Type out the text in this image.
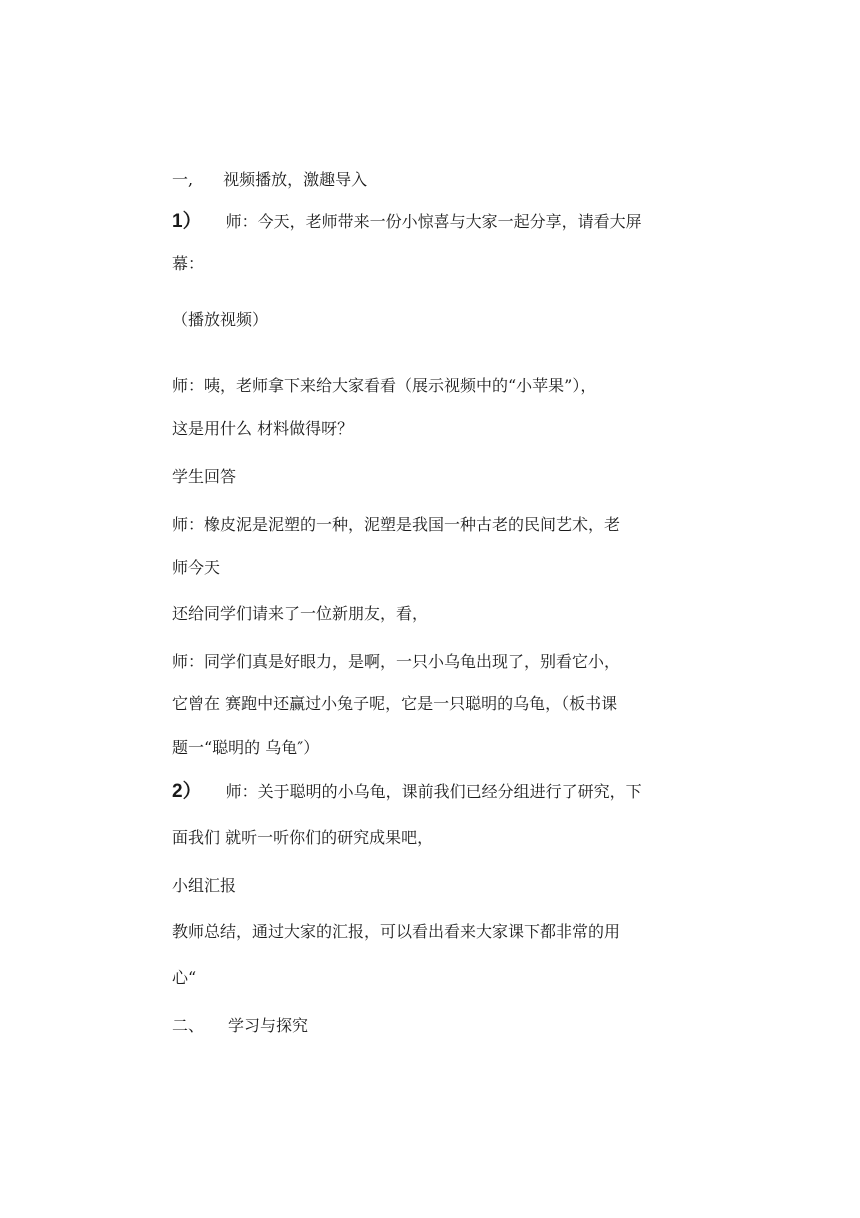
一, 视频播放，激趣导入
1） 师：今天，老师带来一份小惊喜与大家一起分享，请看大屏
幕：
（播放视频）
师：咦，老师拿下来给大家看看（展示视频中的“小苹果”），
这是用什么 材料做得呀？
学生回答
师：橡皮泥是泥塑的一种，泥塑是我国一种古老的民间艺术，老
师今天
还给同学们请来了一位新朋友，看，
师：同学们真是好眼力，是啊，一只小乌龟出现了，别看它小，
它曾在 赛跑中还赢过小兔子呢，它是一只聪明的乌龟，（板书课
题一“聪明的 乌龟″）
2） 师：关于聪明的小乌龟，课前我们已经分组进行了研究，下
面我们 就听一听你们的研究成果吧，
小组汇报
教师总结，通过大家的汇报，可以看出看来大家课下都非常的用
心“
二、 学习与探究
